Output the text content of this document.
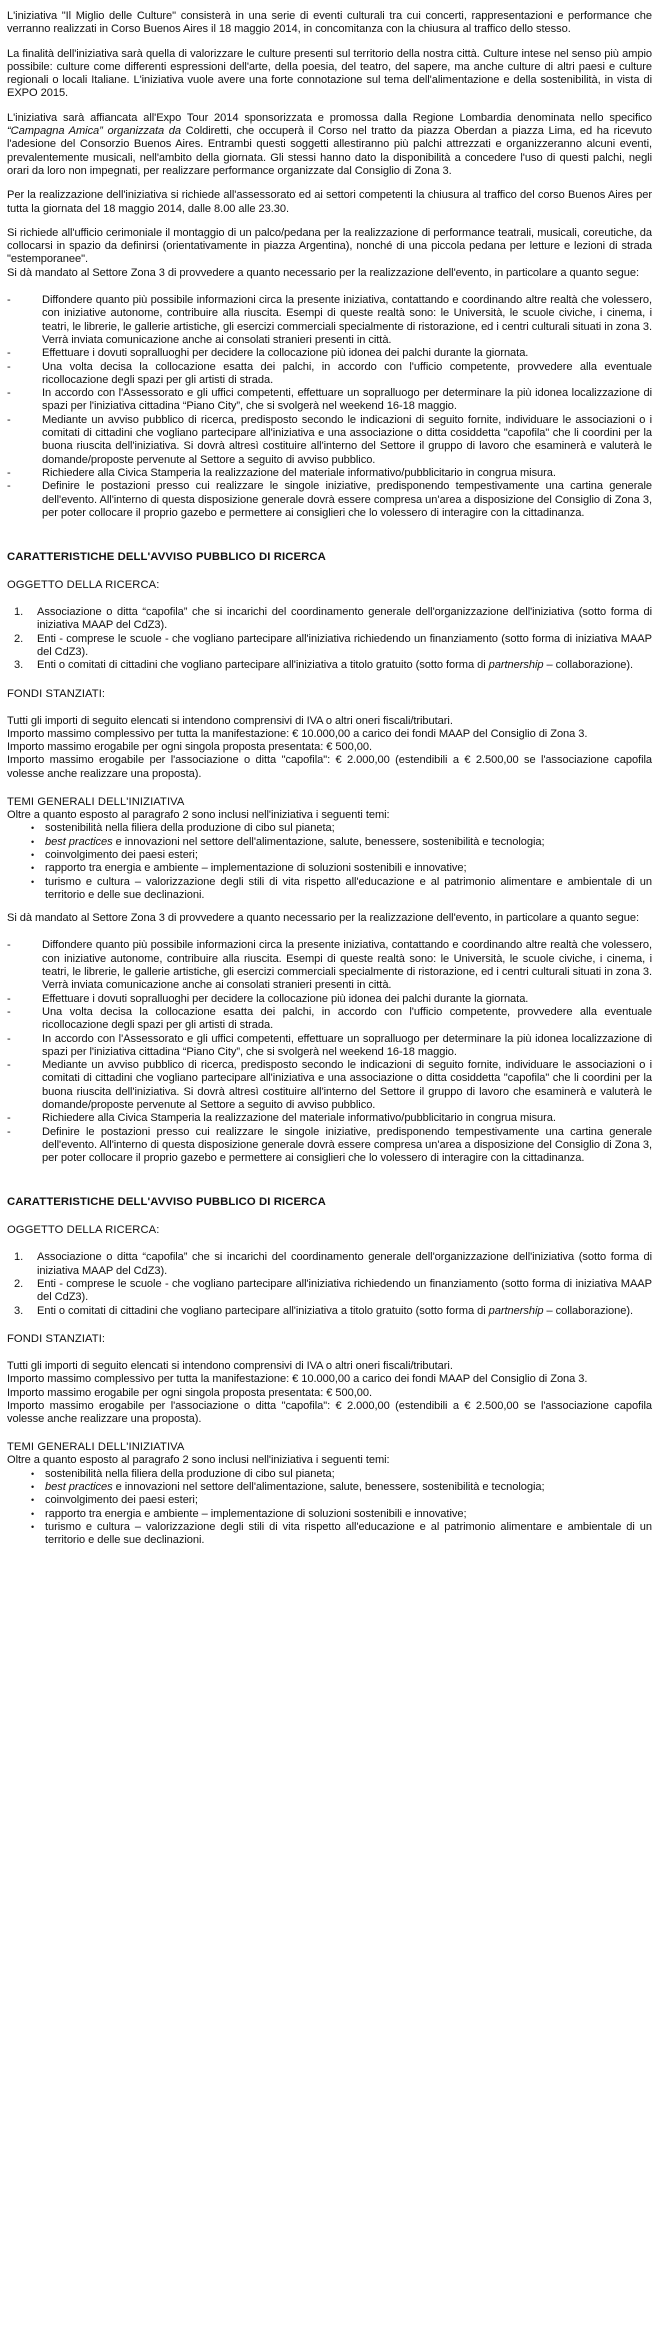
L'iniziativa "Il Miglio delle Culture" consisterà in una serie di eventi culturali tra cui concerti, rappresentazioni e performance che verranno realizzati in Corso Buenos Aires il 18 maggio 2014, in concomitanza con la chiusura al traffico dello stesso.

La finalità dell'iniziativa sarà quella di valorizzare le culture presenti sul territorio della nostra città. Culture intese nel senso più ampio possibile: culture come differenti espressioni dell'arte, della poesia, del teatro, del sapere, ma anche culture di altri paesi e culture regionali o locali Italiane. L'iniziativa vuole avere una forte connotazione sul tema dell'alimentazione e della sostenibilità, in vista di EXPO 2015.

L'iniziativa sarà affiancata all'Expo Tour 2014 sponsorizzata e promossa dalla Regione Lombardia denominata nello specifico “Campagna Amica” organizzata da Coldiretti, che occuperà il Corso nel tratto da piazza Oberdan a piazza Lima, ed ha ricevuto l'adesione del Consorzio Buenos Aires. Entrambi questi soggetti allestiranno più palchi attrezzati e organizzeranno alcuni eventi, prevalentemente musicali, nell'ambito della giornata. Gli stessi hanno dato la disponibilità a concedere l'uso di questi palchi, negli orari da loro non impegnati, per realizzare performance organizzate dal Consiglio di Zona 3.

Per la realizzazione dell'iniziativa si richiede all'assessorato ed ai settori competenti la chiusura al traffico del corso Buenos Aires per tutta la giornata del 18 maggio 2014, dalle 8.00 alle 23.30.

Si richiede all'ufficio cerimoniale il montaggio di un palco/pedana per la realizzazione di performance teatrali, musicali, coreutiche, da collocarsi in spazio da definirsi (orientativamente in piazza Argentina), nonché di una piccola pedana per letture e lezioni di strada "estemporanee".

Si dà mandato al Settore Zona 3 di provvedere a quanto necessario per la realizzazione dell'evento, in particolare a quanto segue:

-	Diffondere quanto più possibile informazioni circa la presente iniziativa, contattando e coordinando altre realtà che volessero, con iniziative autonome, contribuire alla riuscita. Esempi di queste realtà sono: le Università, le scuole civiche, i cinema, i teatri, le librerie, le gallerie artistiche, gli esercizi commerciali specialmente di ristorazione, ed i centri culturali situati in zona 3. Verrà inviata comunicazione anche ai consolati stranieri presenti in città.
-	Effettuare i dovuti sopralluoghi per decidere la collocazione più idonea dei palchi durante la giornata.
-	Una volta decisa la collocazione esatta dei palchi, in accordo con l'ufficio competente, provvedere alla eventuale ricollocazione degli spazi per gli artisti di strada.
-	In accordo con l'Assessorato e gli uffici competenti, effettuare un sopralluogo per determinare la più idonea localizzazione di spazi per l'iniziativa cittadina “Piano City”, che si svolgerà nel weekend 16-18 maggio.
-	Mediante un avviso pubblico di ricerca, predisposto secondo le indicazioni di seguito fornite, individuare le associazioni o i comitati di cittadini che vogliano partecipare all'iniziativa e una associazione o ditta cosiddetta "capofila" che li coordini per la buona riuscita dell'iniziativa. Si dovrà altresì costituire all'interno del Settore il gruppo di lavoro che esaminerà e valuterà le domande/proposte pervenute al Settore a seguito di avviso pubblico.
-	Richiedere alla Civica Stamperia la realizzazione del materiale informativo/pubblicitario in congrua misura.
-	Definire le postazioni presso cui realizzare le singole iniziative, predisponendo tempestivamente una cartina generale dell'evento. All'interno di questa disposizione generale dovrà essere compresa un'area a disposizione del Consiglio di Zona 3, per poter collocare il proprio gazebo e permettere ai consiglieri che lo volessero di interagire con la cittadinanza.
CARATTERISTICHE DELL'AVVISO PUBBLICO DI RICERCA
OGGETTO DELLA RICERCA:
1. Associazione o ditta “capofila” che si incarichi del coordinamento generale dell'organizzazione dell'iniziativa (sotto forma di iniziativa MAAP del CdZ3).
2. Enti - comprese le scuole - che vogliano partecipare all'iniziativa richiedendo un finanziamento (sotto forma di iniziativa MAAP del CdZ3).
3. Enti o comitati di cittadini che vogliano partecipare all'iniziativa a titolo gratuito (sotto forma di partnership – collaborazione).
FONDI STANZIATI:

Tutti gli importi di seguito elencati si intendono comprensivi di IVA o altri oneri fiscali/tributari.

Importo massimo complessivo per tutta la manifestazione: € 10.000,00 a carico dei fondi MAAP del Consiglio di Zona 3.

Importo massimo erogabile per ogni singola proposta presentata: € 500,00.

Importo massimo erogabile per l'associazione o ditta "capofila": € 2.000,00 (estendibili a € 2.500,00 se l'associazione capofila volesse anche realizzare una proposta).

TEMI GENERALI DELL'INIZIATIVA

Oltre a quanto esposto al paragrafo 2 sono inclusi nell'iniziativa i seguenti temi:

• sostenibilità nella filiera della produzione di cibo sul pianeta;
• best practices e innovazioni nel settore dell'alimentazione, salute, benessere, sostenibilità e tecnologia;
• coinvolgimento dei paesi esteri;
• rapporto tra energia e ambiente – implementazione di soluzioni sostenibili e innovative;
• turismo e cultura – valorizzazione degli stili di vita rispetto all'educazione e al patrimonio alimentare e ambientale di un territorio e delle sue declinazioni.

Si dà mandato al Settore Zona 3 di provvedere a quanto necessario per la realizzazione dell'evento, in particolare a quanto segue:

-	Diffondere quanto più possibile informazioni circa la presente iniziativa, contattando e coordinando altre realtà che volessero, con iniziative autonome, contribuire alla riuscita. Esempi di queste realtà sono: le Università, le scuole civiche, i cinema, i teatri, le librerie, le gallerie artistiche, gli esercizi commerciali specialmente di ristorazione, ed i centri culturali situati in zona 3. Verrà inviata comunicazione anche ai consolati stranieri presenti in città.
-	Effettuare i dovuti sopralluoghi per decidere la collocazione più idonea dei palchi durante la giornata.
-	Una volta decisa la collocazione esatta dei palchi, in accordo con l'ufficio competente, provvedere alla eventuale ricollocazione degli spazi per gli artisti di strada.
-	In accordo con l'Assessorato e gli uffici competenti, effettuare un sopralluogo per determinare la più idonea localizzazione di spazi per l'iniziativa cittadina “Piano City”, che si svolgerà nel weekend 16-18 maggio.
-	Mediante un avviso pubblico di ricerca, predisposto secondo le indicazioni di seguito fornite, individuare le associazioni o i comitati di cittadini che vogliano partecipare all'iniziativa e una associazione o ditta cosiddetta "capofila" che li coordini per la buona riuscita dell'iniziativa. Si dovrà altresì costituire all'interno del Settore il gruppo di lavoro che esaminerà e valuterà le domande/proposte pervenute al Settore a seguito di avviso pubblico.
-	Richiedere alla Civica Stamperia la realizzazione del materiale informativo/pubblicitario in congrua misura.
-	Definire le postazioni presso cui realizzare le singole iniziative, predisponendo tempestivamente una cartina generale dell'evento. All'interno di questa disposizione generale dovrà essere compresa un'area a disposizione del Consiglio di Zona 3, per poter collocare il proprio gazebo e permettere ai consiglieri che lo volessero di interagire con la cittadinanza.
CARATTERISTICHE DELL'AVVISO PUBBLICO DI RICERCA
OGGETTO DELLA RICERCA:
1. Associazione o ditta “capofila” che si incarichi del coordinamento generale dell'organizzazione dell'iniziativa (sotto forma di iniziativa MAAP del CdZ3).
2. Enti - comprese le scuole - che vogliano partecipare all'iniziativa richiedendo un finanziamento (sotto forma di iniziativa MAAP del CdZ3).
3. Enti o comitati di cittadini che vogliano partecipare all'iniziativa a titolo gratuito (sotto forma di partnership – collaborazione).
FONDI STANZIATI:

Tutti gli importi di seguito elencati si intendono comprensivi di IVA o altri oneri fiscali/tributari.

Importo massimo complessivo per tutta la manifestazione: € 10.000,00 a carico dei fondi MAAP del Consiglio di Zona 3.

Importo massimo erogabile per ogni singola proposta presentata: € 500,00.

Importo massimo erogabile per l'associazione o ditta "capofila": € 2.000,00 (estendibili a € 2.500,00 se l'associazione capofila volesse anche realizzare una proposta).

TEMI GENERALI DELL'INIZIATIVA

Oltre a quanto esposto al paragrafo 2 sono inclusi nell'iniziativa i seguenti temi:

• sostenibilità nella filiera della produzione di cibo sul pianeta;
• best practices e innovazioni nel settore dell'alimentazione, salute, benessere, sostenibilità e tecnologia;
• coinvolgimento dei paesi esteri;
• rapporto tra energia e ambiente – implementazione di soluzioni sostenibili e innovative;
• turismo e cultura – valorizzazione degli stili di vita rispetto all'educazione e al patrimonio alimentare e ambientale di un territorio e delle sue declinazioni.
